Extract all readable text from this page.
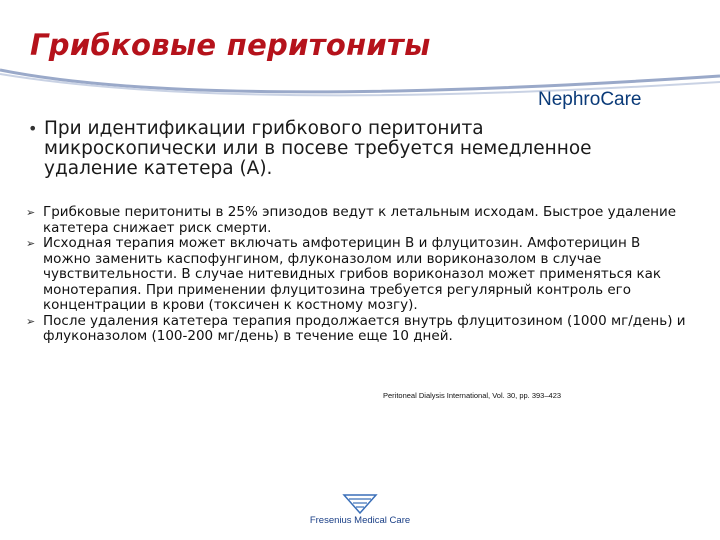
Грибковые перитониты
NephroCare
• При идентификации грибкового перитонита микроскопически или в посеве требуется немедленное удаление катетера (А).
➢ Грибковые перитониты в 25% эпизодов ведут к летальным исходам. Быстрое удаление катетера снижает риск смерти.
➢ Исходная терапия может включать амфотерицин В и флуцитозин. Амфотерицин В можно заменить каспофунгином, флуконазолом или вориконазолом в случае чувствительности. В случае нитевидных грибов вориконазол может применяться как монотерапия. При применении флуцитозина требуется регулярный контроль его концентрации в крови (токсичен к костному мозгу).
➢ После удаления катетера терапия продолжается внутрь флуцитозином (1000 мг/день) и флуконазолом (100-200 мг/день) в течение еще 10 дней.
Peritoneal Dialysis International, Vol. 30, pp. 393–423
Fresenius Medical Care
